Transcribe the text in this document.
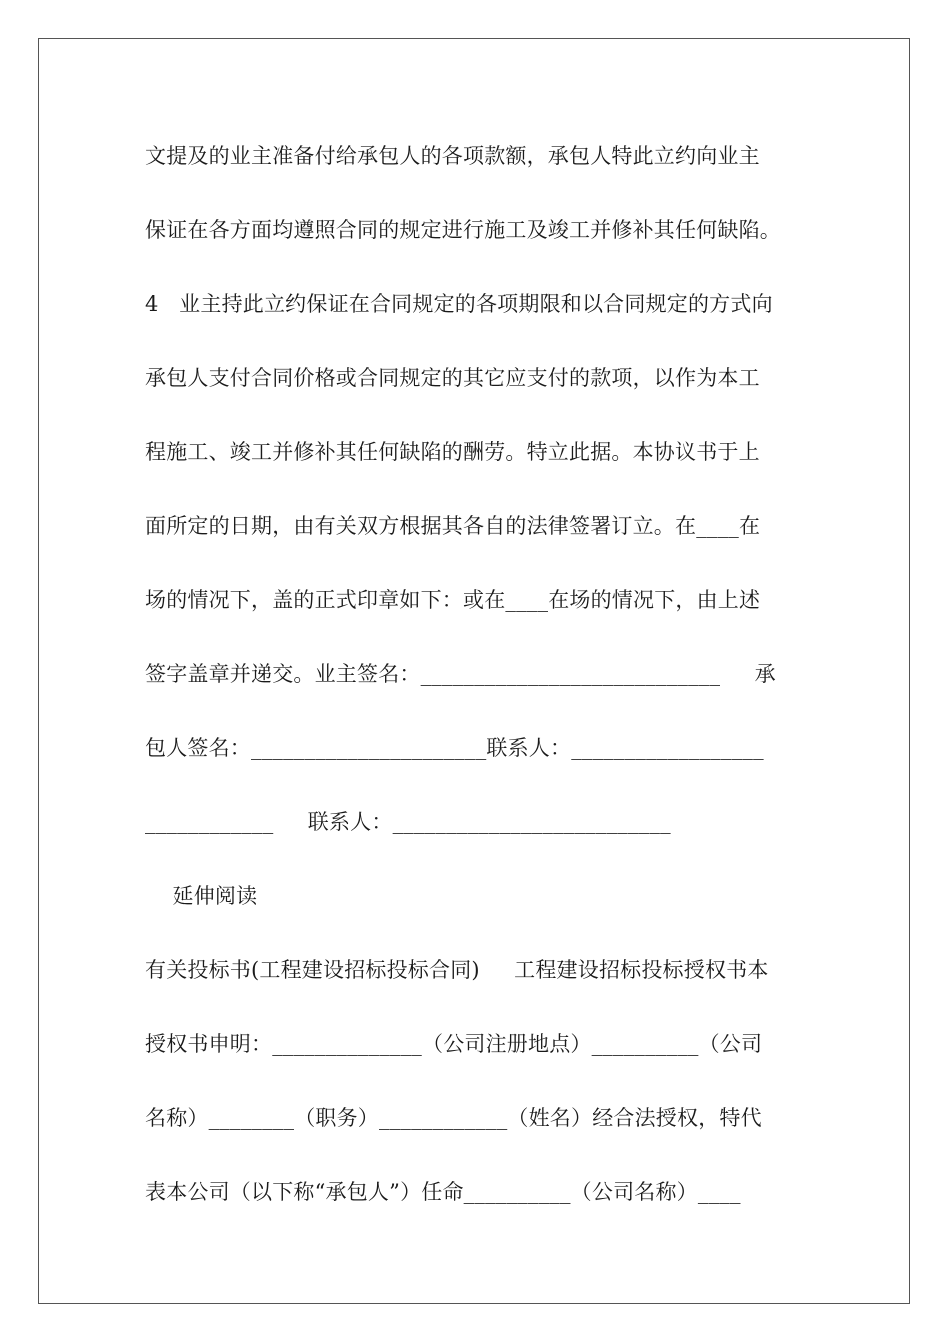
文提及的业主准备付给承包人的各项款额，承包人特此立约向业主
保证在各方面均遵照合同的规定进行施工及竣工并修补其任何缺陷。
4   业主持此立约保证在合同规定的各项期限和以合同规定的方式向
承包人支付合同价格或合同规定的其它应支付的款项，以作为本工
程施工、竣工并修补其任何缺陷的酬劳。特立此据。本协议书于上
面所定的日期，由有关双方根据其各自的法律签署订立。在____在
场的情况下，盖的正式印章如下：或在____在场的情况下，由上述
签字盖章并递交。业主签名：____________________________     承
包人签名：______________________联系人：__________________
____________     联系人：__________________________
延伸阅读
有关投标书(工程建设招标投标合同)     工程建设招标投标授权书本
授权书申明：______________（公司注册地点）__________（公司
名称）________（职务）____________（姓名）经合法授权，特代
表本公司（以下称“承包人”）任命__________（公司名称）____
